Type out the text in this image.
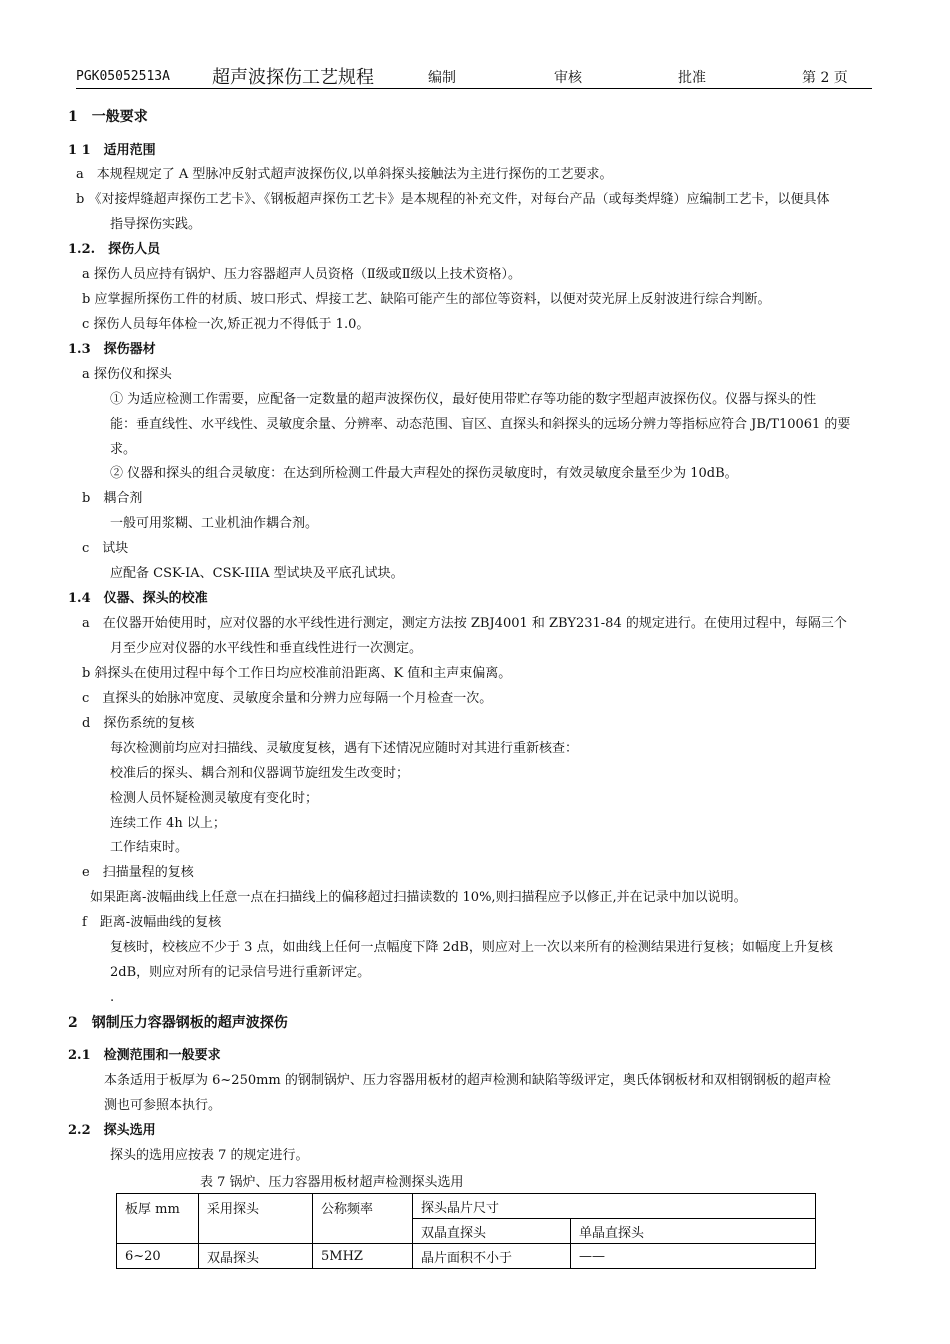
PGK05052513A 超声波探伤工艺规程	编制	审核	批准	第 2 页
1　一般要求
1 1　适用范围
a　本规程规定了 A 型脉冲反射式超声波探伤仪,以单斜探头接触法为主进行探伤的工艺要求。
b 《对接焊缝超声探伤工艺卡》、《钢板超声探伤工艺卡》是本规程的补充文件，对每台产品（或每类焊缝）应编制工艺卡，以便具体
指导探伤实践。
1.2.　探伤人员
a 探伤人员应持有锅炉、压力容器超声人员资格（Ⅱ级或Ⅱ级以上技术资格）。
b 应掌握所探伤工件的材质、坡口形式、焊接工艺、缺陷可能产生的部位等资料，以便对荧光屏上反射波进行综合判断。
c 探伤人员每年体检一次,矫正视力不得低于 1.0。
1.3　探伤器材
a 探伤仪和探头
① 为适应检测工作需要，应配备一定数量的超声波探伤仪，最好使用带贮存等功能的数字型超声波探伤仪。仪器与探头的性
能：垂直线性、水平线性、灵敏度余量、分辨率、动态范围、盲区、直探头和斜探头的远场分辨力等指标应符合 JB/T10061 的要
求。
② 仪器和探头的组合灵敏度：在达到所检测工件最大声程处的探伤灵敏度时，有效灵敏度余量至少为 10dB。
b　耦合剂
一般可用浆糊、工业机油作耦合剂。
c　试块
应配备 CSK-IA、CSK-IIIA 型试块及平底孔试块。
1.4　仪器、探头的校准
a　在仪器开始使用时，应对仪器的水平线性进行测定，测定方法按 ZBJ4001 和 ZBY231-84 的规定进行。在使用过程中，每隔三个
月至少应对仪器的水平线性和垂直线性进行一次测定。
b 斜探头在使用过程中每个工作日均应校准前沿距离、K 值和主声束偏离。
c　直探头的始脉冲宽度、灵敏度余量和分辨力应每隔一个月检查一次。
d　探伤系统的复核
每次检测前均应对扫描线、灵敏度复核，遇有下述情况应随时对其进行重新核查：
校准后的探头、耦合剂和仪器调节旋纽发生改变时；
检测人员怀疑检测灵敏度有变化时；
连续工作 4h 以上；
工作结束时。
e　扫描量程的复核
如果距离-波幅曲线上任意一点在扫描线上的偏移超过扫描读数的 10%,则扫描程应予以修正,并在记录中加以说明。
f　距离-波幅曲线的复核
复核时，校核应不少于 3 点，如曲线上任何一点幅度下降 2dB，则应对上一次以来所有的检测结果进行复核；如幅度上升复核
2dB，则应对所有的记录信号进行重新评定。
.
2　钢制压力容器钢板的超声波探伤
2.1　检测范围和一般要求
本条适用于板厚为 6~250mm 的钢制锅炉、压力容器用板材的超声检测和缺陷等级评定，奥氏体钢板材和双相钢钢板的超声检
测也可参照本执行。
2.2　探头选用
探头的选用应按表 7 的规定进行。
表 7 锅炉、压力容器用板材超声检测探头选用
板厚 mm	采用探头	公称频率	探头晶片尺寸	
			双晶直探头	单晶直探头
6~20	双晶探头	5MHZ	晶片面积不小于	——
